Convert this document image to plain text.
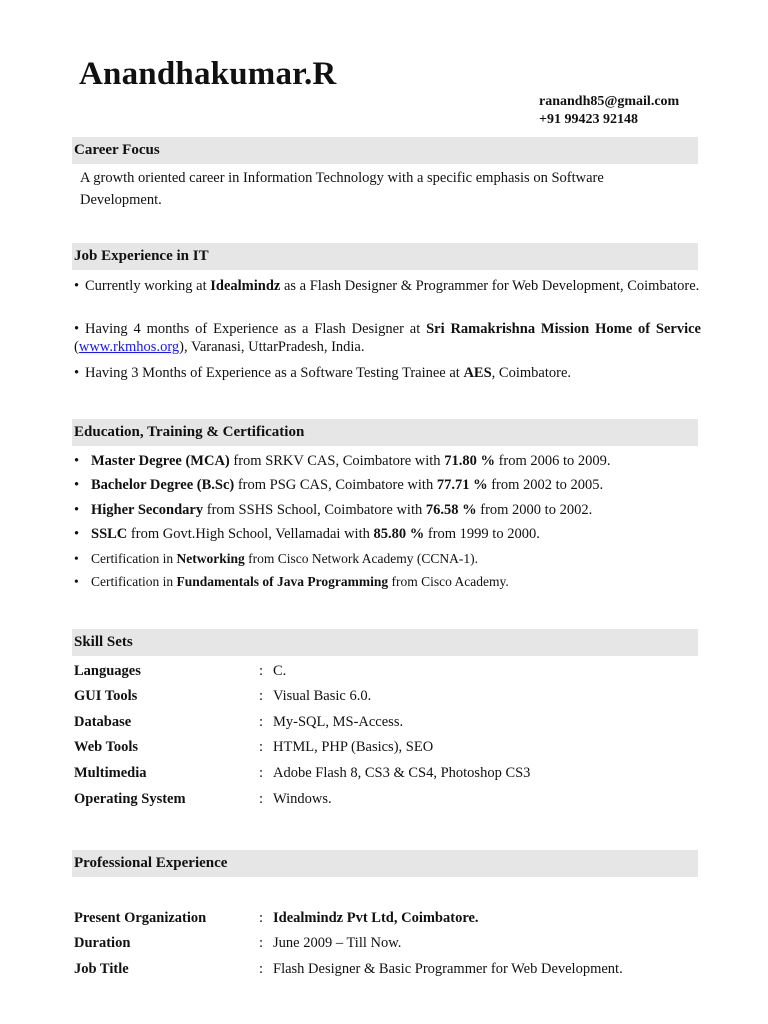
Anandhakumar.R
ranandh85@gmail.com
+91 99423 92148
Career Focus
A growth oriented career in Information Technology with a specific emphasis on Software Development.
Job Experience in IT
• Currently working at Idealmindz as a Flash Designer & Programmer for Web Development, Coimbatore.
• Having 4 months of Experience as a Flash Designer at Sri Ramakrishna Mission Home of Service (www.rkmhos.org), Varanasi, UttarPradesh, India.
• Having 3 Months of Experience as a Software Testing Trainee at AES, Coimbatore.
Education, Training & Certification
• Master Degree (MCA) from SRKV CAS, Coimbatore with 71.80 % from 2006 to 2009.
• Bachelor Degree (B.Sc) from PSG CAS, Coimbatore with 77.71 % from 2002 to 2005.
• Higher Secondary from SSHS School, Coimbatore with 76.58 % from 2000 to 2002.
• SSLC from Govt.High School, Vellamadai with 85.80 % from 1999 to 2000.
• Certification in Networking from Cisco Network Academy (CCNA-1).
• Certification in Fundamentals of Java Programming from Cisco Academy.
Skill Sets
Languages	: C.
GUI Tools	: Visual Basic 6.0.
Database	: My-SQL, MS-Access.
Web Tools	: HTML, PHP (Basics), SEO
Multimedia	: Adobe Flash 8, CS3 & CS4, Photoshop CS3
Operating System	: Windows.
Professional Experience
Present Organization	: Idealmindz Pvt Ltd, Coimbatore.
Duration	: June 2009 – Till Now.
Job Title	: Flash Designer & Basic Programmer for Web Development.
